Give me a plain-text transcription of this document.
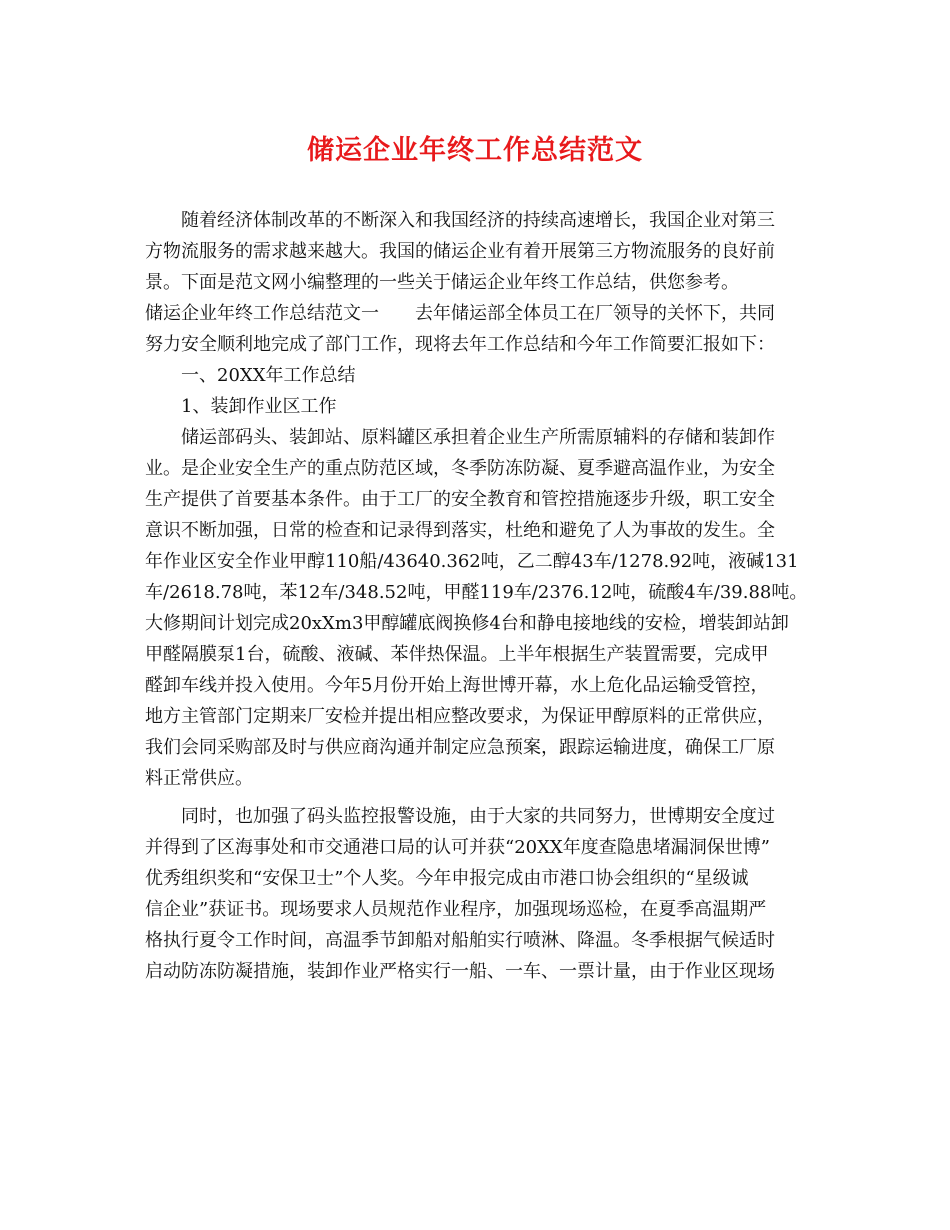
储运企业年终工作总结范文
随着经济体制改革的不断深入和我国经济的持续高速增长，我国企业对第三
方物流服务的需求越来越大。我国的储运企业有着开展第三方物流服务的良好前
景。下面是范文网小编整理的一些关于储运企业年终工作总结，供您参考。
储运企业年终工作总结范文一　　去年储运部全体员工在厂领导的关怀下，共同
努力安全顺利地完成了部门工作，现将去年工作总结和今年工作简要汇报如下：
一、20XX年工作总结
1、装卸作业区工作
储运部码头、装卸站、原料罐区承担着企业生产所需原辅料的存储和装卸作
业。是企业安全生产的重点防范区域，冬季防冻防凝、夏季避高温作业，为安全
生产提供了首要基本条件。由于工厂的安全教育和管控措施逐步升级，职工安全
意识不断加强，日常的检查和记录得到落实，杜绝和避免了人为事故的发生。全
年作业区安全作业甲醇110船/43640.362吨，乙二醇43车/1278.92吨，液碱131
车/2618.78吨，苯12车/348.52吨，甲醛119车/2376.12吨，硫酸4车/39.88吨。
大修期间计划完成20xXm3甲醇罐底阀换修4台和静电接地线的安检，增装卸站卸
甲醛隔膜泵1台，硫酸、液碱、苯伴热保温。上半年根据生产装置需要，完成甲
醛卸车线并投入使用。今年5月份开始上海世博开幕，水上危化品运输受管控，
地方主管部门定期来厂安检并提出相应整改要求，为保证甲醇原料的正常供应，
我们会同采购部及时与供应商沟通并制定应急预案，跟踪运输进度，确保工厂原
料正常供应。
同时，也加强了码头监控报警设施，由于大家的共同努力，世博期安全度过
并得到了区海事处和市交通港口局的认可并获“20XX年度查隐患堵漏洞保世博”
优秀组织奖和“安保卫士”个人奖。今年申报完成由市港口协会组织的“星级诚
信企业”获证书。现场要求人员规范作业程序，加强现场巡检，在夏季高温期严
格执行夏令工作时间，高温季节卸船对船舶实行喷淋、降温。冬季根据气候适时
启动防冻防凝措施，装卸作业严格实行一船、一车、一票计量，由于作业区现场
